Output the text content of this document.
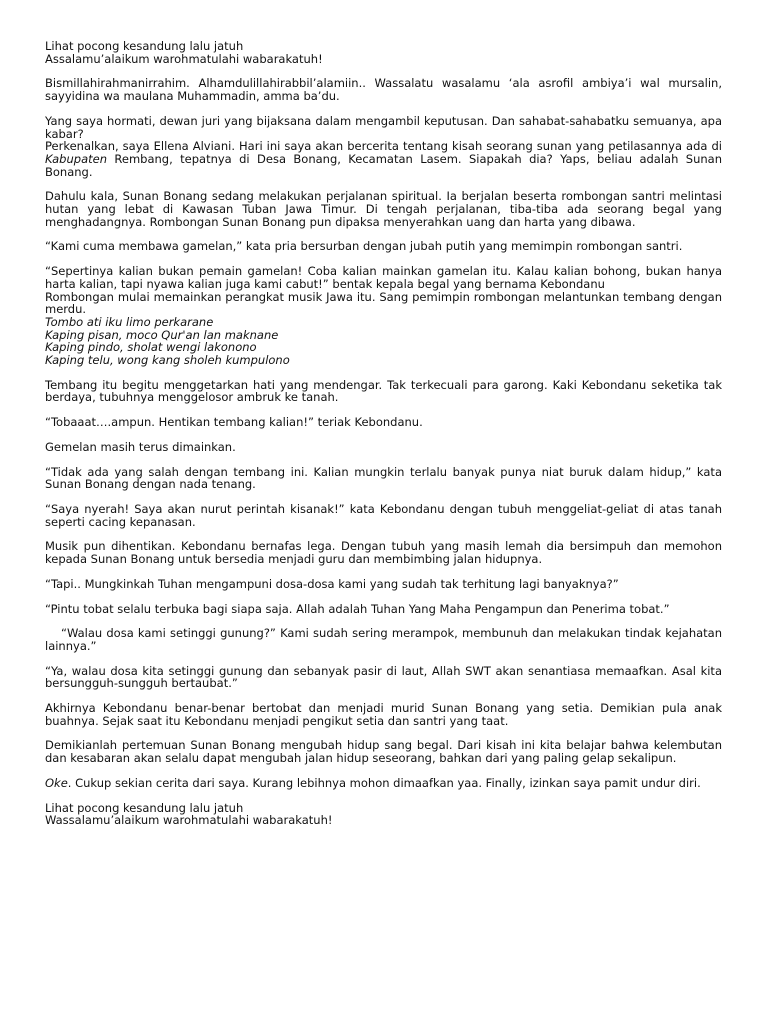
Lihat pocong kesandung lalu jatuh
Assalamu’alaikum warohmatulahi wabarakatuh!

Bismillahirahmanirrahim. Alhamdulillahirabbil’alamiin.. Wassalatu wasalamu ‘ala asrofil ambiya’i wal mursalin, sayyidina wa maulana Muhammadin, amma ba’du.

Yang saya hormati, dewan juri yang bijaksana dalam mengambil keputusan. Dan sahabat-sahabatku semuanya, apa kabar?

Perkenalkan, saya Ellena Alviani. Hari ini saya akan bercerita tentang kisah seorang sunan yang petilasannya ada di Kabupaten Rembang, tepatnya di Desa Bonang, Kecamatan Lasem. Siapakah dia? Yaps, beliau adalah Sunan Bonang.

Dahulu kala, Sunan Bonang sedang melakukan perjalanan spiritual. Ia berjalan beserta rombongan santri melintasi hutan yang lebat di Kawasan Tuban Jawa Timur. Di tengah perjalanan, tiba-tiba ada seorang begal yang menghadangnya. Rombongan Sunan Bonang pun dipaksa menyerahkan uang dan harta yang dibawa.

“Kami cuma membawa gamelan,” kata pria bersurban dengan jubah putih yang memimpin rombongan santri.

“Sepertinya kalian bukan pemain gamelan! Coba kalian mainkan gamelan itu. Kalau kalian bohong, bukan hanya harta kalian, tapi nyawa kalian juga kami cabut!” bentak kepala begal yang bernama Kebondanu

Rombongan mulai memainkan perangkat musik Jawa itu. Sang pemimpin rombongan melantunkan tembang dengan merdu.

Tombo ati iku limo perkarane
Kaping pisan, moco Qur'an lan maknane
Kaping pindo, sholat wengi lakonono
Kaping telu, wong kang sholeh kumpulono

Tembang itu begitu menggetarkan hati yang mendengar. Tak terkecuali para garong. Kaki Kebondanu seketika tak berdaya, tubuhnya menggelosor ambruk ke tanah.

“Tobaaat….ampun. Hentikan tembang kalian!” teriak Kebondanu.

Gemelan masih terus dimainkan.

“Tidak ada yang salah dengan tembang ini. Kalian mungkin terlalu banyak punya niat buruk dalam hidup,” kata Sunan Bonang dengan nada tenang.

“Saya nyerah! Saya akan nurut perintah kisanak!” kata Kebondanu dengan tubuh menggeliat-geliat di atas tanah seperti cacing kepanasan.

Musik pun dihentikan. Kebondanu bernafas lega. Dengan tubuh yang masih lemah dia bersimpuh dan memohon kepada Sunan Bonang untuk bersedia menjadi guru dan membimbing jalan hidupnya.

“Tapi.. Mungkinkah Tuhan mengampuni dosa-dosa kami yang sudah tak terhitung lagi banyaknya?”

“Pintu tobat selalu terbuka bagi siapa saja. Allah adalah Tuhan Yang Maha Pengampun dan Penerima tobat.”

“Walau dosa kami setinggi gunung?” Kami sudah sering merampok, membunuh dan melakukan tindak kejahatan lainnya.”

“Ya, walau dosa kita setinggi gunung dan sebanyak pasir di laut, Allah SWT akan senantiasa memaafkan. Asal kita bersungguh-sungguh bertaubat.”

Akhirnya Kebondanu benar-benar bertobat dan menjadi murid Sunan Bonang yang setia. Demikian pula anak buahnya. Sejak saat itu Kebondanu menjadi pengikut setia dan santri yang taat.

Demikianlah pertemuan Sunan Bonang mengubah hidup sang begal. Dari kisah ini kita belajar bahwa kelembutan dan kesabaran akan selalu dapat mengubah jalan hidup seseorang, bahkan dari yang paling gelap sekalipun.

Oke. Cukup sekian cerita dari saya. Kurang lebihnya mohon dimaafkan yaa. Finally, izinkan saya pamit undur diri.

Lihat pocong kesandung lalu jatuh
Wassalamu’alaikum warohmatulahi wabarakatuh!
